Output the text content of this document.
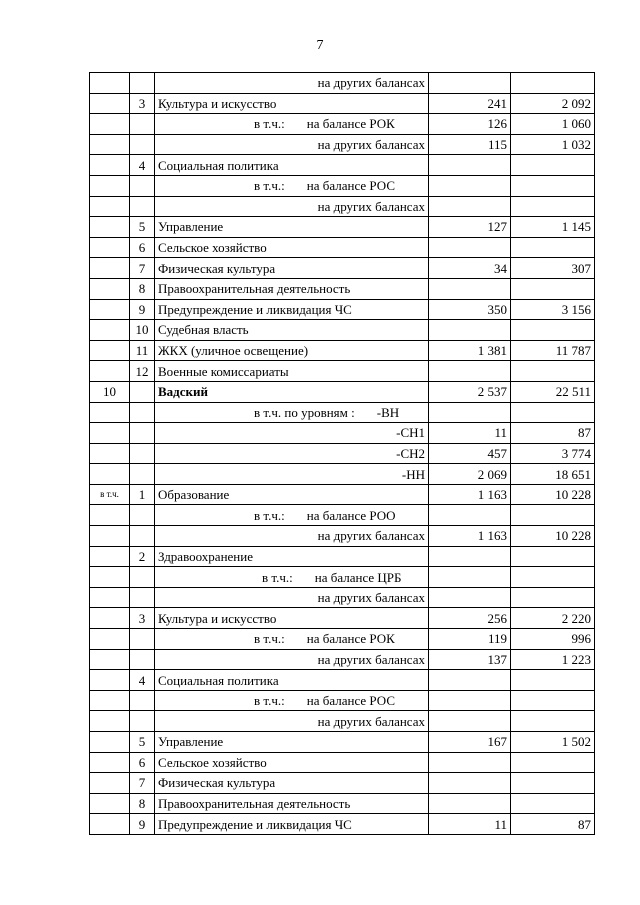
7
		на других балансах		
	3	Культура и искусство	241	2 092
		в т.ч.: на балансе РОК	126	1 060
		на других балансах	115	1 032
	4	Социальная политика		
		в т.ч.: на балансе РОС		
		на других балансах		
	5	Управление	127	1 145
	6	Сельское хозяйство		
	7	Физическая культура	34	307
	8	Правоохранительная деятельность		
	9	Предупреждение и ликвидация ЧС	350	3 156
	10	Судебная власть		
	11	ЖКХ (уличное освещение)	1 381	11 787
	12	Военные комиссариаты		
10		Вадский	2 537	22 511
		в т.ч. по уровням : -ВН		
		-СН1	11	87
		-СН2	457	3 774
		-НН	2 069	18 651
в т.ч.	1	Образование	1 163	10 228
		в т.ч.: на балансе РОО		
		на других балансах	1 163	10 228
	2	Здравоохранение		
		в т.ч.: на балансе ЦРБ		
		на других балансах		
	3	Культура и искусство	256	2 220
		в т.ч.: на балансе РОК	119	996
		на других балансах	137	1 223
	4	Социальная политика		
		в т.ч.: на балансе РОС		
		на других балансах		
	5	Управление	167	1 502
	6	Сельское хозяйство		
	7	Физическая культура		
	8	Правоохранительная деятельность		
	9	Предупреждение и ликвидация ЧС	11	87
